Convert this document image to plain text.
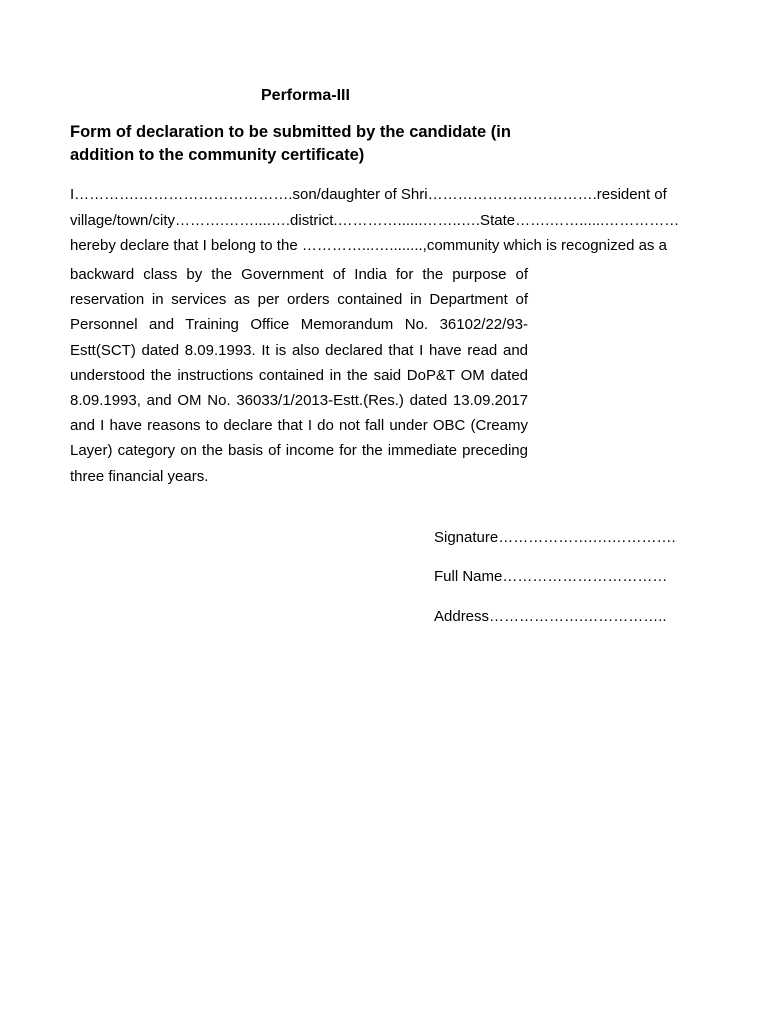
Performa-III
Form of declaration to be submitted by the candidate (in
addition to the community certificate)
I………….………………………….son/daughter of Shri…………………………….resident of
village/town/city……….……....….district.…………......……..….State…….……......……………
hereby declare that I belong to the …………...…........,community which is recognized as a
backward class by the Government of India for the purpose of reservation in services as per orders contained in Department of Personnel and Training Office Memorandum No. 36102/22/93-Estt(SCT) dated 8.09.1993. It is also declared that I have read and understood the instructions contained in the said DoP&T OM dated 8.09.1993, and OM No. 36033/1/2013-Estt.(Res.) dated 13.09.2017 and I have reasons to declare that I do not fall under OBC (Creamy Layer) category on the basis of income for the immediate preceding three financial years.
Signature……………….….………….
Full Name……………………………
Address……………….……………..
